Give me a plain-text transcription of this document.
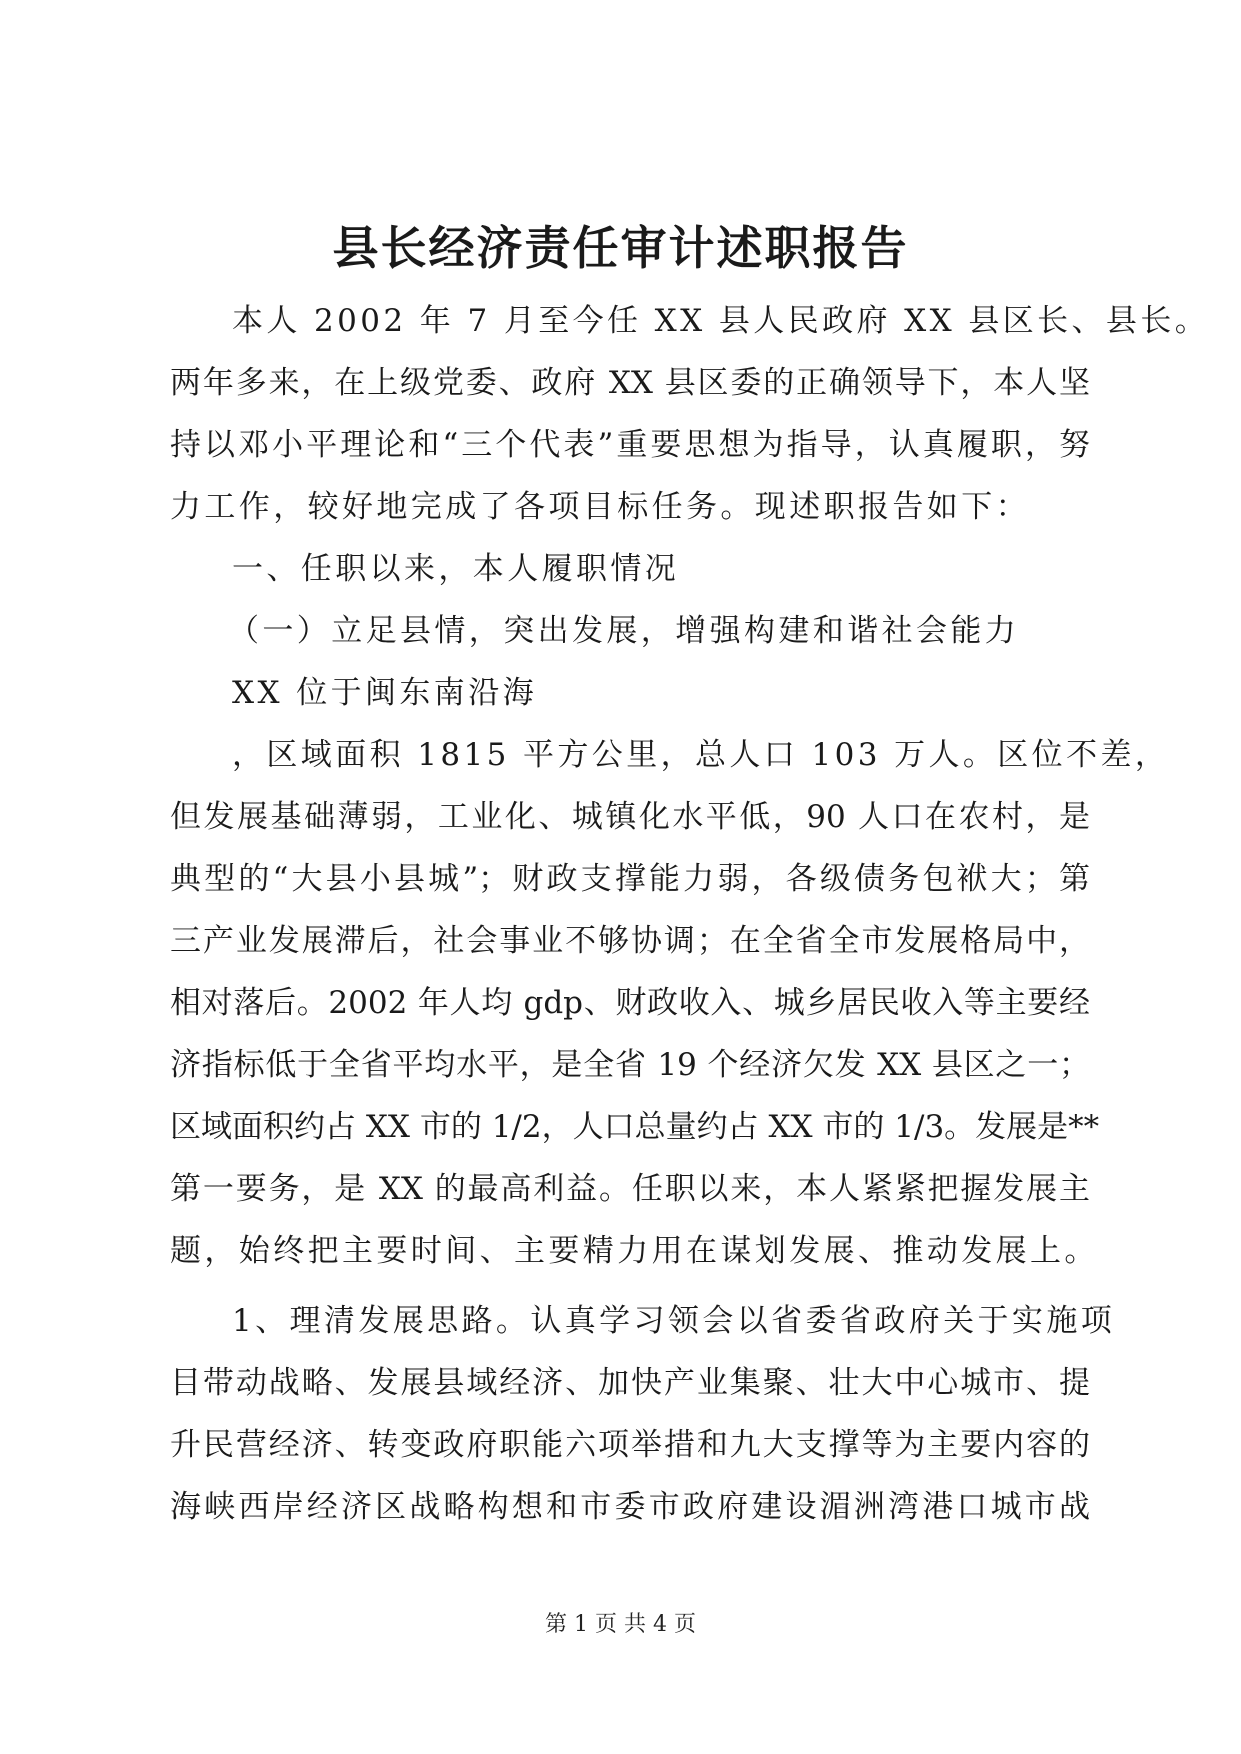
县长经济责任审计述职报告
本人 2002 年 7 月至今任 XX 县人民政府 XX 县区长、县长。
两年多来，在上级党委、政府 XX 县区委的正确领导下，本人坚
持以邓小平理论和“三个代表”重要思想为指导，认真履职，努
力工作，较好地完成了各项目标任务。现述职报告如下：
一、任职以来，本人履职情况
（一）立足县情，突出发展，增强构建和谐社会能力
XX 位于闽东南沿海
，区域面积 1815 平方公里，总人口 103 万人。区位不差，
但发展基础薄弱，工业化、城镇化水平低，90 人口在农村，是
典型的“大县小县城”；财政支撑能力弱，各级债务包袱大；第
三产业发展滞后，社会事业不够协调；在全省全市发展格局中，
相对落后。2002 年人均 gdp、财政收入、城乡居民收入等主要经
济指标低于全省平均水平，是全省 19 个经济欠发 XX 县区之一；
区域面积约占 XX 市的 1/2，人口总量约占 XX 市的 1/3。发展是**
第一要务，是 XX 的最高利益。任职以来，本人紧紧把握发展主
题，始终把主要时间、主要精力用在谋划发展、推动发展上。
1、理清发展思路。认真学习领会以省委省政府关于实施项
目带动战略、发展县域经济、加快产业集聚、壮大中心城市、提
升民营经济、转变政府职能六项举措和九大支撑等为主要内容的
海峡西岸经济区战略构想和市委市政府建设湄洲湾港口城市战
第 1 页 共 4 页
